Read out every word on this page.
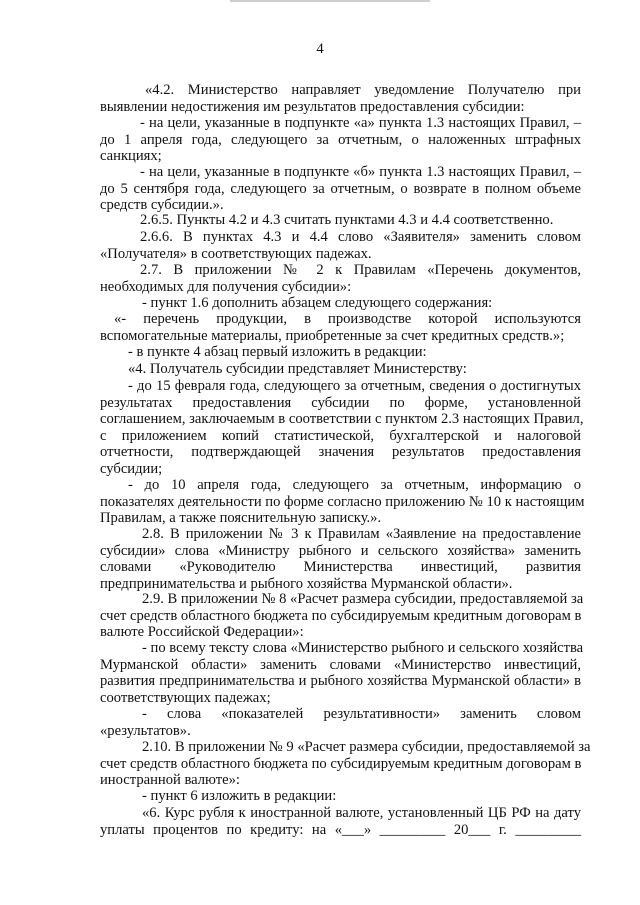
4
«4.2. Министерство направляет уведомление Получателю при
выявлении недостижения им результатов предоставления субсидии:
- на цели, указанные в подпункте «а» пункта 1.3 настоящих Правил, –
до 1 апреля года, следующего за отчетным, о наложенных штрафных
санкциях;
- на цели, указанные в подпункте «б» пункта 1.3 настоящих Правил, –
до 5 сентября года, следующего за отчетным, о возврате в полном объеме
средств субсидии.».
2.6.5. Пункты 4.2 и 4.3 считать пунктами 4.3 и 4.4 соответственно.
2.6.6. В пунктах 4.3 и 4.4 слово «Заявителя» заменить словом
«Получателя» в соответствующих падежах.
2.7. В приложении № 2 к Правилам «Перечень документов,
необходимых для получения субсидии»:
- пункт 1.6 дополнить абзацем следующего содержания:
«- перечень продукции, в производстве которой используются
вспомогательные материалы, приобретенные за счет кредитных средств.»;
- в пункте 4 абзац первый изложить в редакции:
«4. Получатель субсидии представляет Министерству:
- до 15 февраля года, следующего за отчетным, сведения о достигнутых
результатах предоставления субсидии по форме, установленной
соглашением, заключаемым в соответствии с пунктом 2.3 настоящих Правил,
с приложением копий статистической, бухгалтерской и налоговой
отчетности, подтверждающей значения результатов предоставления
субсидии;
- до 10 апреля года, следующего за отчетным, информацию о
показателях деятельности по форме согласно приложению № 10 к настоящим
Правилам, а также пояснительную записку.».
2.8. В приложении № 3 к Правилам «Заявление на предоставление
субсидии» слова «Министру рыбного и сельского хозяйства» заменить
словами «Руководителю Министерства инвестиций, развития
предпринимательства и рыбного хозяйства Мурманской области».
2.9. В приложении № 8 «Расчет размера субсидии, предоставляемой за
счет средств областного бюджета по субсидируемым кредитным договорам в
валюте Российской Федерации»:
- по всему тексту слова «Министерство рыбного и сельского хозяйства
Мурманской области» заменить словами «Министерство инвестиций,
развития предпринимательства и рыбного хозяйства Мурманской области» в
соответствующих падежах;
- слова «показателей результативности» заменить словом
«результатов».
2.10. В приложении № 9 «Расчет размера субсидии, предоставляемой за
счет средств областного бюджета по субсидируемым кредитным договорам в
иностранной валюте»:
- пункт 6 изложить в редакции:
«6. Курс рубля к иностранной валюте, установленный ЦБ РФ на дату
уплаты процентов по кредиту: на «___» _________ 20___ г. _________
